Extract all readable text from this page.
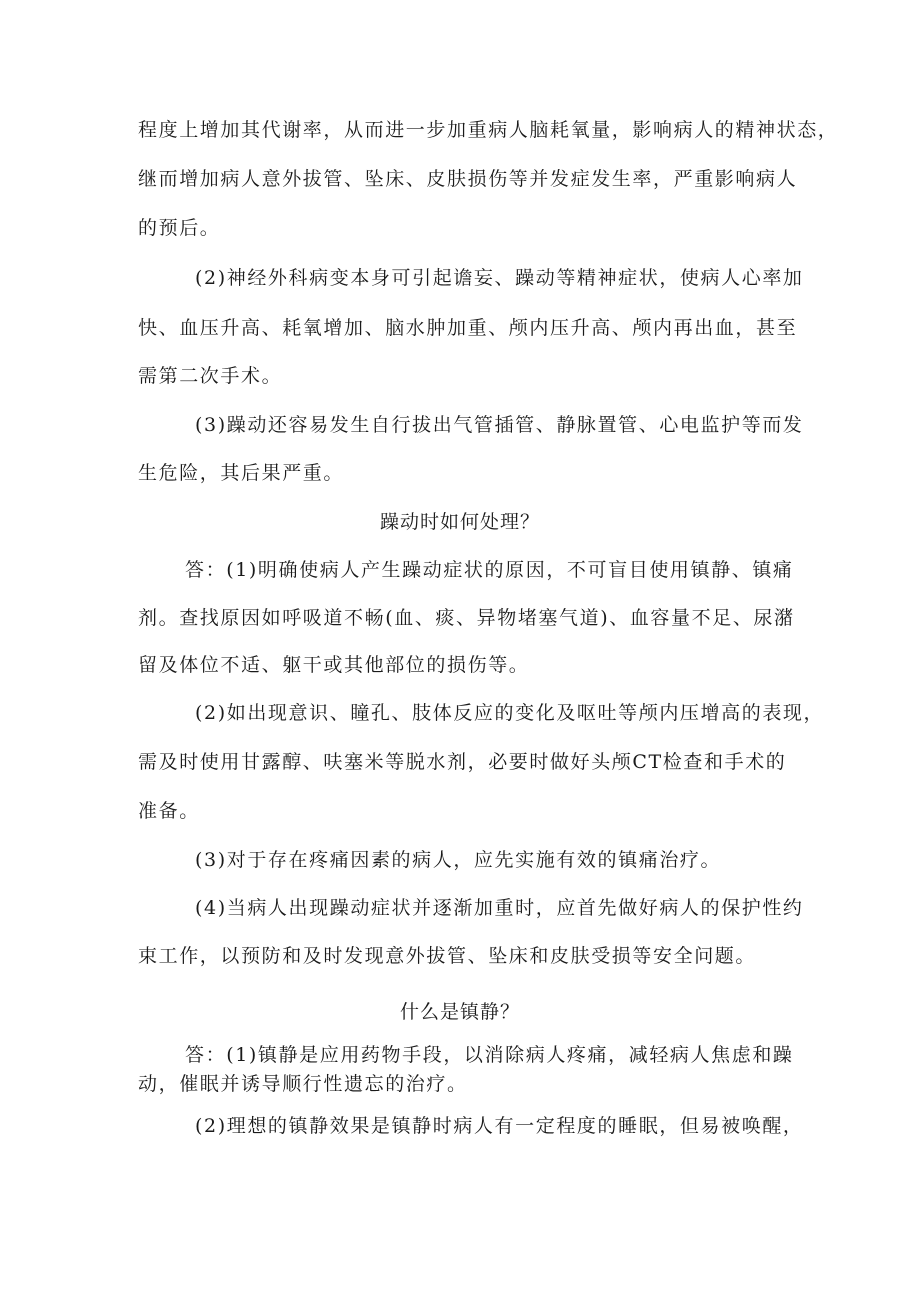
程度上增加其代谢率，从而进一步加重病人脑耗氧量，影响病人的精神状态，
继而增加病人意外拔管、坠床、皮肤损伤等并发症发生率，严重影响病人
的预后。
(2)神经外科病变本身可引起谵妄、躁动等精神症状，使病人心率加
快、血压升高、耗氧增加、脑水肿加重、颅内压升高、颅内再出血，甚至
需第二次手术。
(3)躁动还容易发生自行拔出气管插管、静脉置管、心电监护等而发
生危险，其后果严重。
躁动时如何处理？
答：(1)明确使病人产生躁动症状的原因，不可盲目使用镇静、镇痛
剂。查找原因如呼吸道不畅(血、痰、异物堵塞气道)、血容量不足、尿潴
留及体位不适、躯干或其他部位的损伤等。
(2)如出现意识、瞳孔、肢体反应的变化及呕吐等颅内压增高的表现，
需及时使用甘露醇、呋塞米等脱水剂，必要时做好头颅CT检查和手术的
准备。
(3)对于存在疼痛因素的病人，应先实施有效的镇痛治疗。
(4)当病人出现躁动症状并逐渐加重时，应首先做好病人的保护性约
束工作，以预防和及时发现意外拔管、坠床和皮肤受损等安全问题。
什么是镇静？
答：(1)镇静是应用药物手段，以消除病人疼痛，减轻病人焦虑和躁
动，催眠并诱导顺行性遗忘的治疗。
(2)理想的镇静效果是镇静时病人有一定程度的睡眠，但易被唤醒，
